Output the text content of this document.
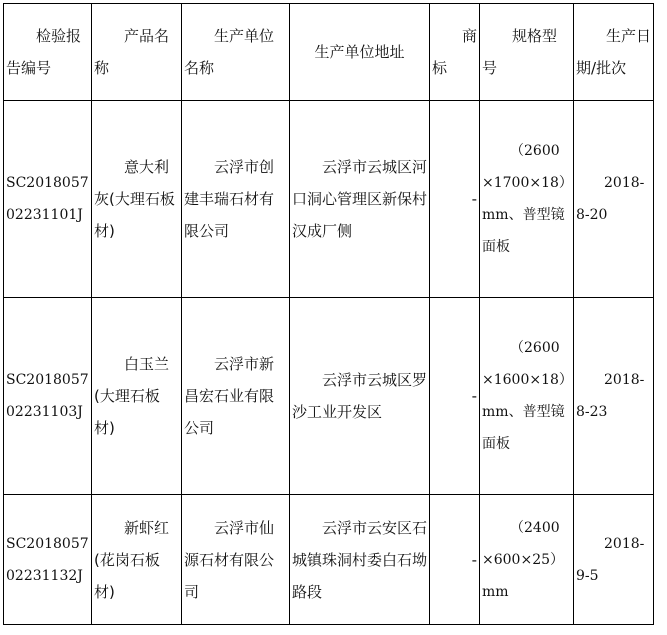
检验报告编号	产品名称	生产单位名称	生产单位地址	商标	规格型号	生产日期/批次
SC201805702231101J	意大利灰(大理石板材)	云浮市创建丰瑞石材有限公司	云浮市云城区河口洞心管理区新保村汉成厂侧	-	（2600×1700×18）mm、普型镜面板	2018-8-20
SC201805702231103J	白玉兰(大理石板材)	云浮市新昌宏石业有限公司	云浮市云城区罗沙工业开发区	-	（2600×1600×18）mm、普型镜面板	2018-8-23
SC201805702231132J	新虾红(花岗石板材)	云浮市仙源石材有限公司	云浮市云安区石城镇珠洞村委白石坳路段	-	（2400×600×25）mm	2018-9-5
